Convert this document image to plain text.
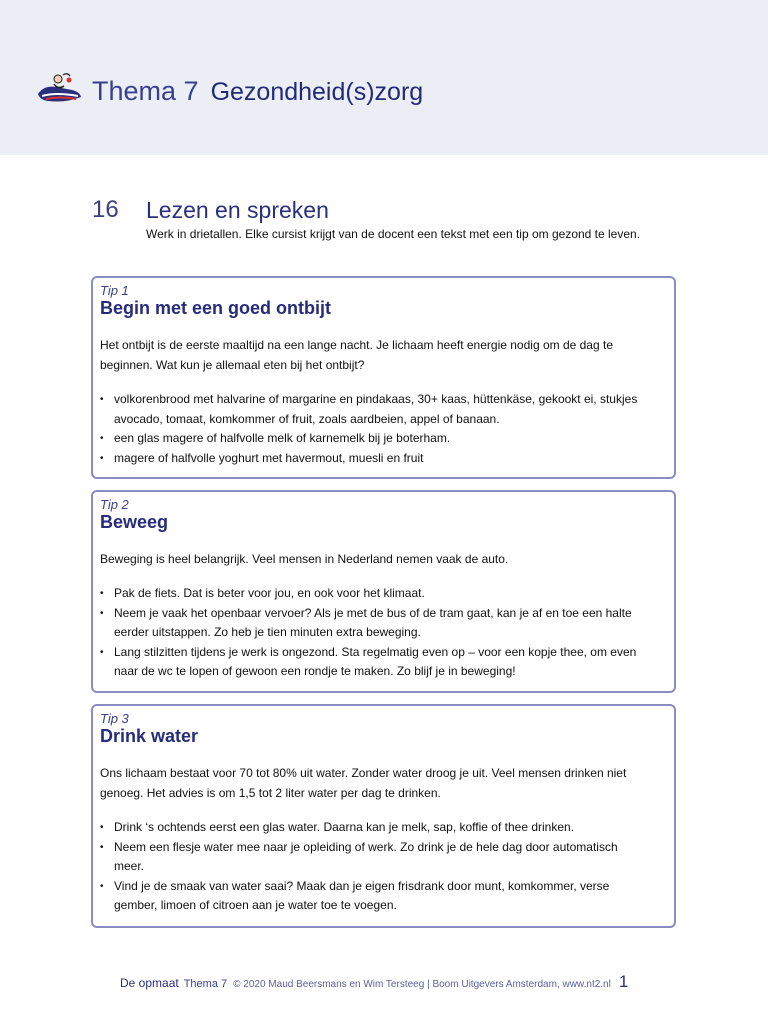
Thema 7 Gezondheid(s)zorg
16 Lezen en spreken
Werk in drietallen. Elke cursist krijgt van de docent een tekst met een tip om gezond te leven.
Tip 1
Begin met een goed ontbijt
Het ontbijt is de eerste maaltijd na een lange nacht. Je lichaam heeft energie nodig om de dag te
beginnen. Wat kun je allemaal eten bij het ontbijt?
• volkorenbrood met halvarine of margarine en pindakaas, 30+ kaas, hüttenkäse, gekookt ei, stukjes
avocado, tomaat, komkommer of fruit, zoals aardbeien, appel of banaan.
• een glas magere of halfvolle melk of karnemelk bij je boterham.
• magere of halfvolle yoghurt met havermout, muesli en fruit
Tip 2
Beweeg
Beweging is heel belangrijk. Veel mensen in Nederland nemen vaak de auto.
• Pak de fiets. Dat is beter voor jou, en ook voor het klimaat.
• Neem je vaak het openbaar vervoer? Als je met de bus of de tram gaat, kan je af en toe een halte
eerder uitstappen. Zo heb je tien minuten extra beweging.
• Lang stilzitten tijdens je werk is ongezond. Sta regelmatig even op – voor een kopje thee, om even
naar de wc te lopen of gewoon een rondje te maken. Zo blijf je in beweging!
Tip 3
Drink water
Ons lichaam bestaat voor 70 tot 80% uit water. Zonder water droog je uit. Veel mensen drinken niet
genoeg. Het advies is om 1,5 tot 2 liter water per dag te drinken.
• Drink ‘s ochtends eerst een glas water. Daarna kan je melk, sap, koffie of thee drinken.
• Neem een flesje water mee naar je opleiding of werk. Zo drink je de hele dag door automatisch
meer.
• Vind je de smaak van water saai? Maak dan je eigen frisdrank door munt, komkommer, verse
gember, limoen of citroen aan je water toe te voegen.
De opmaat Thema 7 © 2020 Maud Beersmans en Wim Tersteeg | Boom Uitgevers Amsterdam, www.nt2.nl 1
